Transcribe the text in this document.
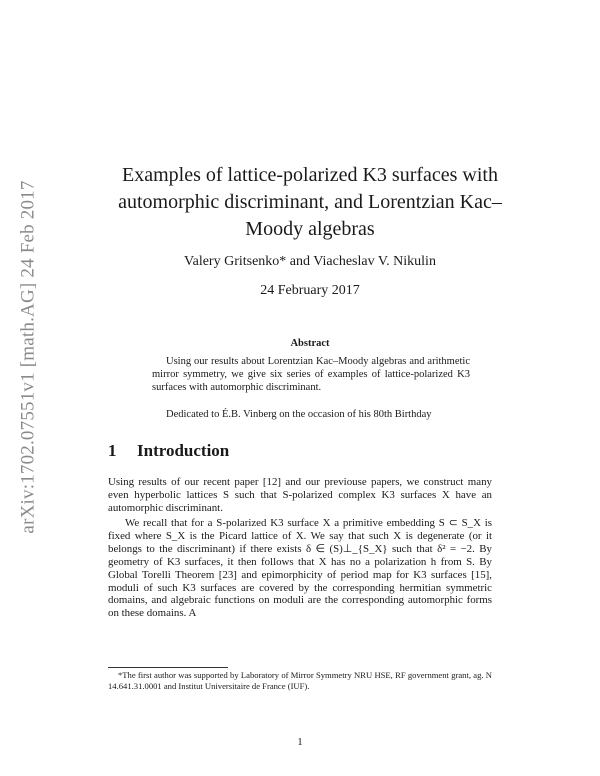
arXiv:1702.07551v1 [math.AG] 24 Feb 2017
Examples of lattice-polarized K3 surfaces with automorphic discriminant, and Lorentzian Kac–Moody algebras
Valery Gritsenko* and Viacheslav V. Nikulin
24 February 2017
Abstract
Using our results about Lorentzian Kac–Moody algebras and arithmetic mirror symmetry, we give six series of examples of lattice-polarized K3 surfaces with automorphic discriminant.
Dedicated to É.B. Vinberg on the occasion of his 80th Birthday
1 Introduction
Using results of our recent paper [12] and our previouse papers, we construct many even hyperbolic lattices S such that S-polarized complex K3 surfaces X have an automorphic discriminant.
We recall that for a S-polarized K3 surface X a primitive embedding S ⊂ S_X is fixed where S_X is the Picard lattice of X. We say that such X is degenerate (or it belongs to the discriminant) if there exists δ ∈ (S)⊥_{S_X} such that δ² = −2. By geometry of K3 surfaces, it then follows that X has no a polarization h from S. By Global Torelli Theorem [23] and epimorphicity of period map for K3 surfaces [15], moduli of such K3 surfaces are covered by the corresponding hermitian symmetric domains, and algebraic functions on moduli are the corresponding automorphic forms on these domains. A
*The first author was supported by Laboratory of Mirror Symmetry NRU HSE, RF government grant, ag. N 14.641.31.0001 and Institut Universitaire de France (IUF).
1
